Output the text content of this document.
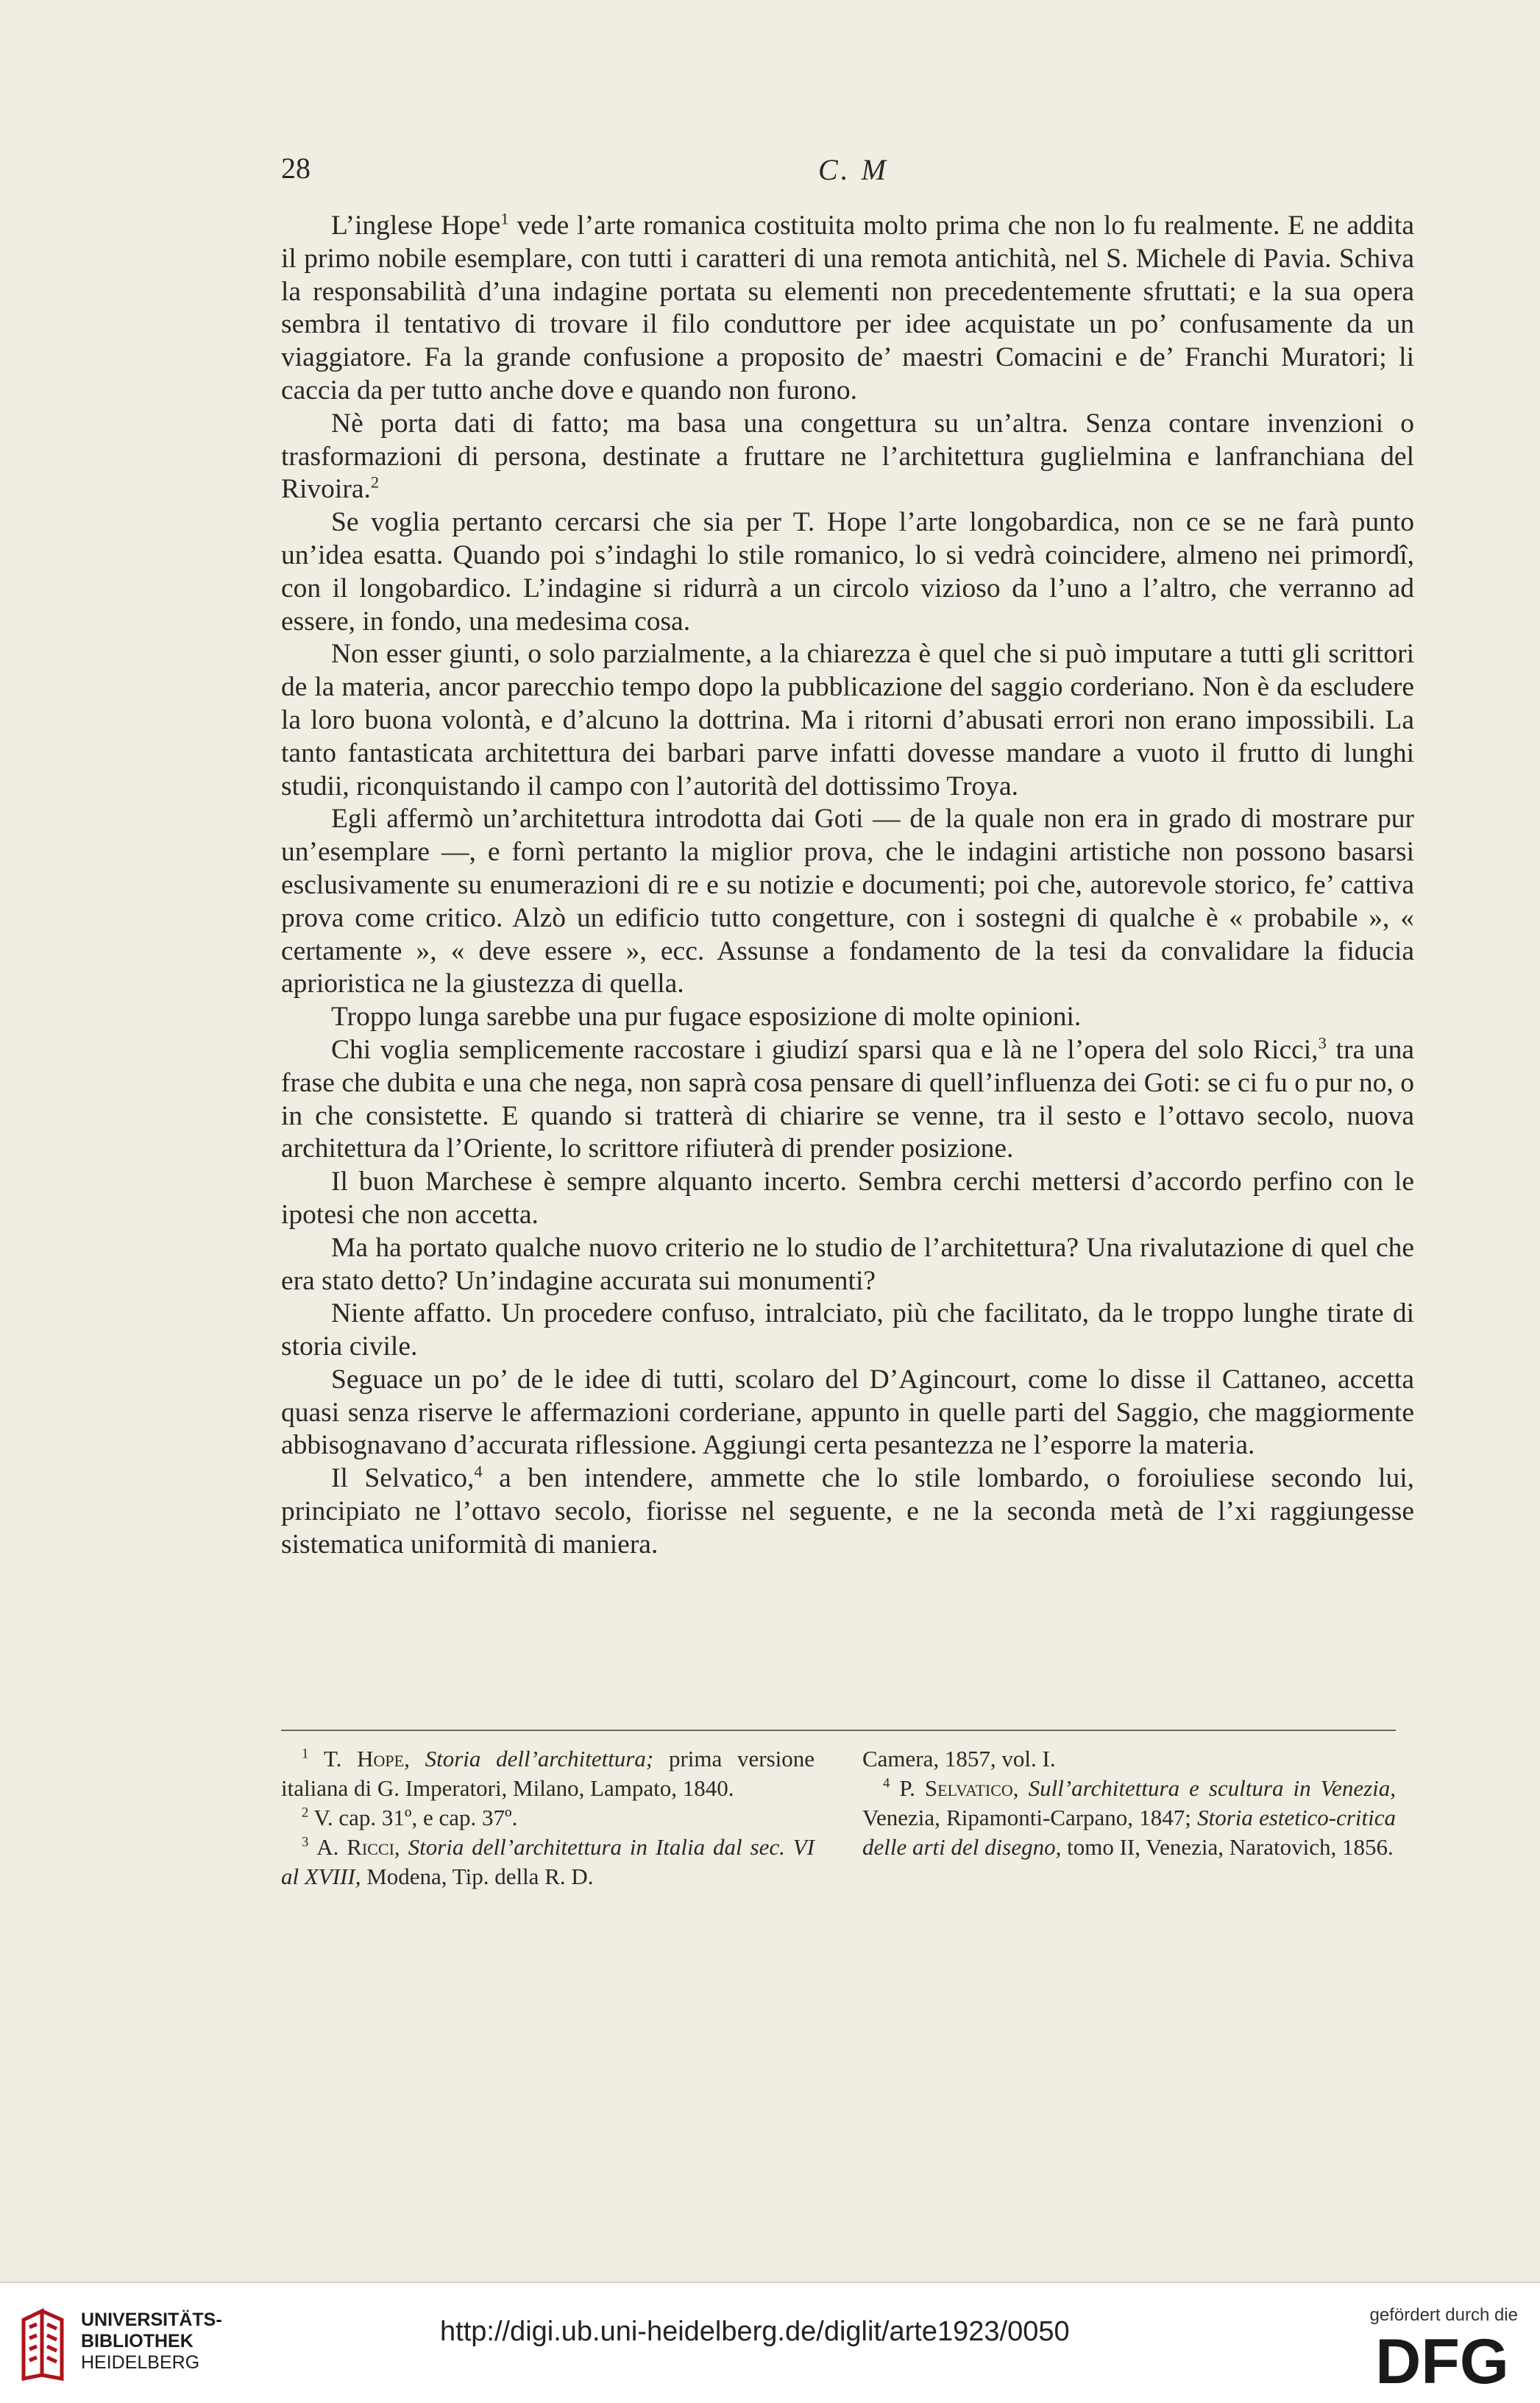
28	C. M

L’inglese Hope$^1$ vede l’arte romanica costituita molto prima che non lo fu realmente. E ne addita il primo nobile esemplare, con tutti i caratteri di una remota antichità, nel S. Michele di Pavia. Schiva la responsabilità d’una indagine portata su elementi non precedentemente sfruttati; e la sua opera sembra il tentativo di trovare il filo conduttore per idee acquistate un po’ confusamente da un viaggiatore. Fa la grande confusione a proposito de’ maestri Comacini e de’ Franchi Muratori; li caccia da per tutto anche dove e quando non furono.

Nè porta dati di fatto; ma basa una congettura su un’altra. Senza contare invenzioni o trasformazioni di persona, destinate a fruttare ne l’architettura guglielmina e lanfranchiana del Rivoira.$^2$

Se voglia pertanto cercarsi che sia per T. Hope l’arte longobardica, non ce se ne farà punto un’idea esatta. Quando poi s’indaghi lo stile romanico, lo si vedrà coincidere, almeno nei primordî, con il longobardico. L’indagine si ridurrà a un circolo vizioso da l’uno a l’altro, che verranno ad essere, in fondo, una medesima cosa.

Non esser giunti, o solo parzialmente, a la chiarezza è quel che si può imputare a tutti gli scrittori de la materia, ancor parecchio tempo dopo la pubblicazione del saggio corderiano. Non è da escludere la loro buona volontà, e d’alcuno la dottrina. Ma i ritorni d’abusati errori non erano impossibili. La tanto fantasticata architettura dei barbari parve infatti dovesse mandare a vuoto il frutto di lunghi studii, riconquistando il campo con l’autorità del dottissimo Troya.

Egli affermò un’architettura introdotta dai Goti — de la quale non era in grado di mostrare pur un’esemplare —, e fornì pertanto la miglior prova, che le indagini artistiche non possono basarsi esclusivamente su enumerazioni di re e su notizie e documenti; poi che, autorevole storico, fe’ cattiva prova come critico. Alzò un edificio tutto congetture, con i sostegni di qualche è « probabile », « certamente », « deve essere », ecc. Assunse a fondamento de la tesi da convalidare la fiducia aprioristica ne la giustezza di quella.

Troppo lunga sarebbe una pur fugace esposizione di molte opinioni.

Chi voglia semplicemente raccostare i giudizí sparsi qua e là ne l’opera del solo Ricci,$^3$ tra una frase che dubita e una che nega, non saprà cosa pensare di quell’influenza dei Goti: se ci fu o pur no, o in che consistette. E quando si tratterà di chiarire se venne, tra il sesto e l’ottavo secolo, nuova architettura da l’Oriente, lo scrittore rifiuterà di prender posizione.

Il buon Marchese è sempre alquanto incerto. Sembra cerchi mettersi d’accordo perfino con le ipotesi che non accetta.

Ma ha portato qualche nuovo criterio ne lo studio de l’architettura? Una rivalutazione di quel che era stato detto? Un’indagine accurata sui monumenti?

Niente affatto. Un procedere confuso, intralciato, più che facilitato, da le troppo lunghe tirate di storia civile.

Seguace un po’ de le idee di tutti, scolaro del D’Agincourt, come lo disse il Cattaneo, accetta quasi senza riserve le affermazioni corderiane, appunto in quelle parti del Saggio, che maggiormente abbisognavano d’accurata riflessione. Aggiungi certa pesantezza ne l’esporre la materia.

Il Selvatico,$^4$ a ben intendere, ammette che lo stile lombardo, o foroiuliese secondo lui, principiato ne l’ottavo secolo, fiorisse nel seguente, e ne la seconda metà de l’xi raggiungesse sistematica uniformità di maniera.

$^1$ T. Hope, Storia dell’architettura; prima versione italiana di G. Imperatori, Milano, Lampato, 1840.

$^2$ V. cap. 31º, e cap. 37º.

$^3$ A. Ricci, Storia dell’architettura in Italia dal sec. VI al XVIII, Modena, Tip. della R. D.

Camera, 1857, vol. I.

$^4$ P. Selvatico, Sull’architettura e scultura in Venezia, Venezia, Ripamonti-Carpano, 1847; Storia estetico-critica delle arti del disegno, tomo II, Venezia, Naratovich, 1856.

UNIVERSITÄTS-
BIBLIOTHEK
HEIDELBERG
http://digi.ub.uni-heidelberg.de/diglit/arte1923/0050
gefördert durch die
DFG
